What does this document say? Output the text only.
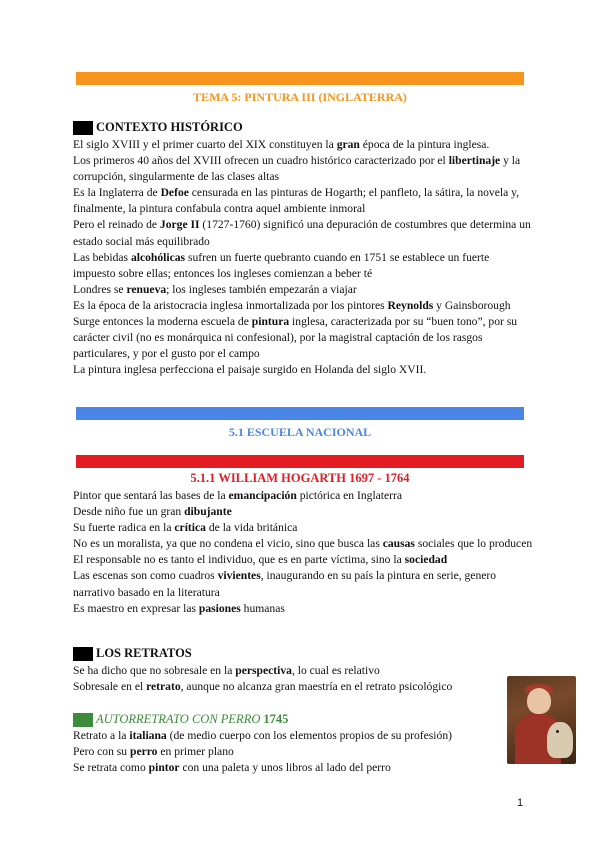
TEMA 5: PINTURA III (INGLATERRA)
CONTEXTO HISTÓRICO

El siglo XVIII y el primer cuarto del XIX constituyen la gran época de la pintura inglesa.

Los primeros 40 años del XVIII ofrecen un cuadro histórico caracterizado por el libertinaje y la corrupción, singularmente de las clases altas

Es la Inglaterra de Defoe censurada en las pinturas de Hogarth; el panfleto, la sátira, la novela y, finalmente, la pintura confabula contra aquel ambiente inmoral

Pero el reinado de Jorge II (1727-1760) significó una depuración de costumbres que determina un estado social más equilibrado

Las bebidas alcohólicas sufren un fuerte quebranto cuando en 1751 se establece un fuerte impuesto sobre ellas; entonces los ingleses comienzan a beber té

Londres se renueva; los ingleses también empezarán a viajar

Es la época de la aristocracia inglesa inmortalizada por los pintores Reynolds y Gainsborough

Surge entonces la moderna escuela de pintura inglesa, caracterizada por su “buen tono”, por su carácter civil (no es monárquica ni confesional), por la magistral captación de los rasgos particulares, y por el gusto por el campo

La pintura inglesa perfecciona el paisaje surgido en Holanda del siglo XVII.

5.1 ESCUELA NACIONAL
5.1.1 WILLIAM HOGARTH 1697 - 1764

Pintor que sentará las bases de la emancipación pictórica en Inglaterra

Desde niño fue un gran dibujante

Su fuerte radica en la crítica de la vida británica

No es un moralista, ya que no condena el vicio, sino que busca las causas sociales que lo producen

El responsable no es tanto el individuo, que es en parte víctima, sino la sociedad

Las escenas son como cuadros vivientes, inaugurando en su país la pintura en serie, genero narrativo basado en la literatura

Es maestro en expresar las pasiones humanas

LOS RETRATOS

Se ha dicho que no sobresale en la perspectiva, lo cual es relativo

Sobresale en el retrato, aunque no alcanza gran maestría en el retrato psicológico

AUTORRETRATO CON PERRO 1745

Retrato a la italiana (de medio cuerpo con los elementos propios de su profesión)

Pero con su perro en primer plano

Se retrata como pintor con una paleta y unos libros al lado del perro

1
